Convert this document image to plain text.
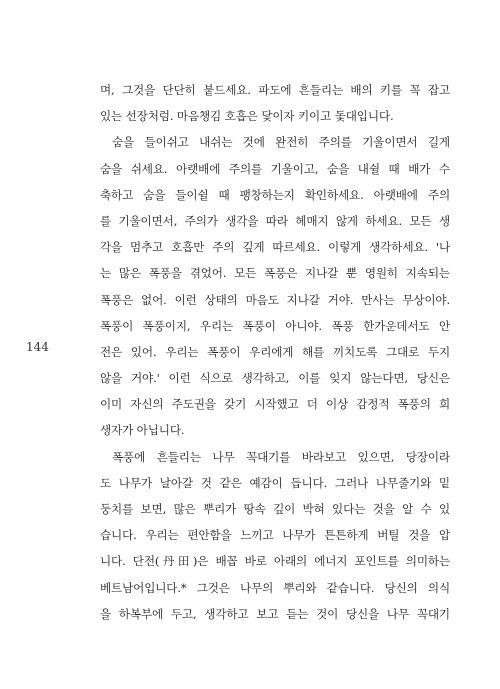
144
며, 그것을 단단히 붙드세요. 파도에 흔들리는 배의 키를 꼭 잡고
있는 선장처럼. 마음챙김 호흡은 닻이자 키이고 돛대입니다.
숨을 들이쉬고 내쉬는 것에 완전히 주의를 기울이면서 길게
숨을 쉬세요. 아랫배에 주의를 기울이고, 숨을 내쉴 때 배가 수
축하고 숨을 들이쉴 때 팽창하는지 확인하세요. 아랫배에 주의
를 기울이면서, 주의가 생각을 따라 헤매지 않게 하세요. 모든 생
각을 멈추고 호흡만 주의 깊게 따르세요. 이렇게 생각하세요. '나
는 많은 폭풍을 겪었어. 모든 폭풍은 지나갈 뿐 영원히 지속되는
폭풍은 없어. 이런 상태의 마음도 지나갈 거야. 만사는 무상이야.
폭풍이 폭풍이지, 우리는 폭풍이 아니야. 폭풍 한가운데서도 안
전은 있어. 우리는 폭풍이 우리에게 해를 끼치도록 그대로 두지
않을 거야.' 이런 식으로 생각하고, 이를 잊지 않는다면, 당신은
이미 자신의 주도권을 갖기 시작했고 더 이상 감정적 폭풍의 희
생자가 아닙니다.
폭풍에 흔들리는 나무 꼭대기를 바라보고 있으면, 당장이라
도 나무가 날아갈 것 같은 예감이 듭니다. 그러나 나무줄기와 밑
둥치를 보면, 많은 뿌리가 땅속 깊이 박혀 있다는 것을 알 수 있
습니다. 우리는 편안함을 느끼고 나무가 튼튼하게 버틸 것을 압
니다. 단전(丹田)은 배꼽 바로 아래의 에너지 포인트를 의미하는
베트남어입니다.* 그것은 나무의 뿌리와 같습니다. 당신의 의식
을 하복부에 두고, 생각하고 보고 듣는 것이 당신을 나무 꼭대기
